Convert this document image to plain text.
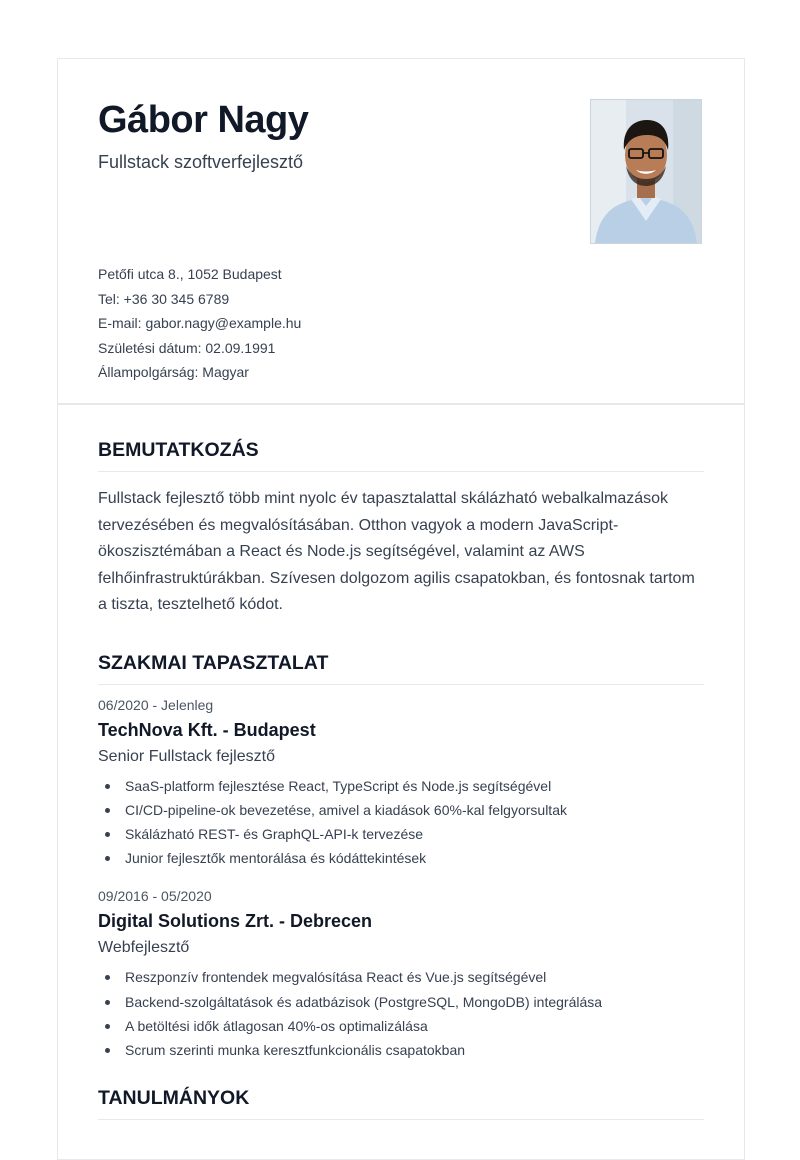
Gábor Nagy
Fullstack szoftverfejlesztő
Petőfi utca 8., 1052 Budapest
Tel: +36 30 345 6789
E-mail: gabor.nagy@example.hu
Születési dátum: 02.09.1991
Állampolgárság: Magyar
BEMUTATKOZÁS

Fullstack fejlesztő több mint nyolc év tapasztalattal skálázható webalkalmazások tervezésében és megvalósításában. Otthon vagyok a modern JavaScript-ökoszisztémában a React és Node.js segítségével, valamint az AWS felhőinfrastruktúrákban. Szívesen dolgozom agilis csapatokban, és fontosnak tartom a tiszta, tesztelhető kódot.

SZAKMAI TAPASZTALAT
06/2020 - Jelenleg
TechNova Kft. - Budapest
Senior Fullstack fejlesztő
SaaS-platform fejlesztése React, TypeScript és Node.js segítségével
CI/CD-pipeline-ok bevezetése, amivel a kiadások 60%-kal felgyorsultak
Skálázható REST- és GraphQL-API-k tervezése
Junior fejlesztők mentorálása és kódáttekintések
09/2016 - 05/2020
Digital Solutions Zrt. - Debrecen
Webfejlesztő
Reszponzív frontendek megvalósítása React és Vue.js segítségével
Backend-szolgáltatások és adatbázisok (PostgreSQL, MongoDB) integrálása
A betöltési idők átlagosan 40%-os optimalizálása
Scrum szerinti munka keresztfunkcionális csapatokban
TANULMÁNYOK
